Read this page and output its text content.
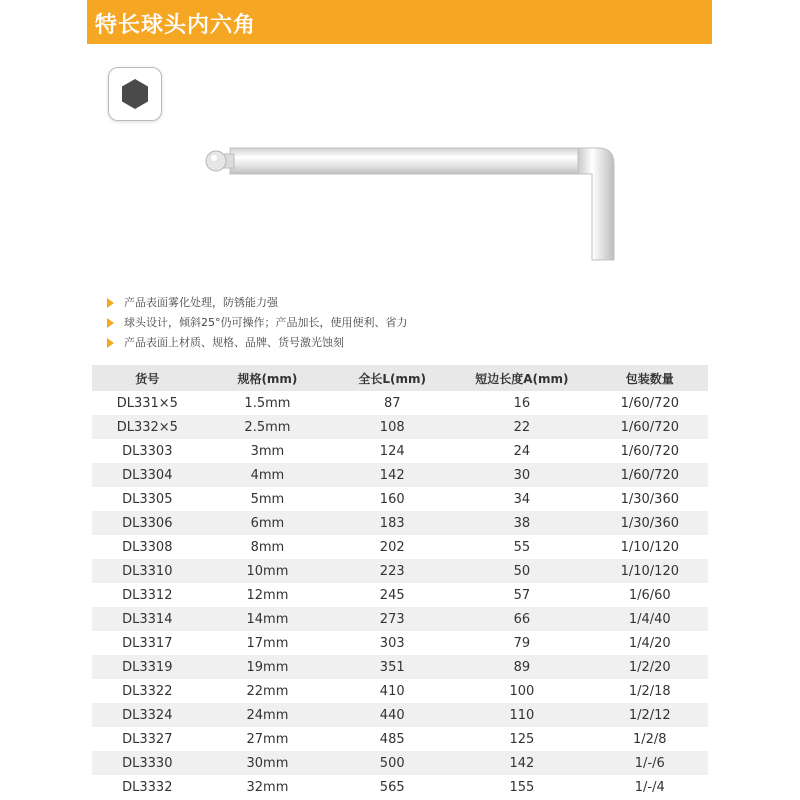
特长球头内六角
产品表面雾化处理，防锈能力强
球头设计，倾斜25°仍可操作；产品加长，使用便利、省力
产品表面上材质、规格、品牌、货号激光蚀刻
货号	规格(mm)	全长L(mm)	短边长度A(mm)	包装数量
DL331×5	1.5mm	87	16	1/60/720
DL332×5	2.5mm	108	22	1/60/720
DL3303	3mm	124	24	1/60/720
DL3304	4mm	142	30	1/60/720
DL3305	5mm	160	34	1/30/360
DL3306	6mm	183	38	1/30/360
DL3308	8mm	202	55	1/10/120
DL3310	10mm	223	50	1/10/120
DL3312	12mm	245	57	1/6/60
DL3314	14mm	273	66	1/4/40
DL3317	17mm	303	79	1/4/20
DL3319	19mm	351	89	1/2/20
DL3322	22mm	410	100	1/2/18
DL3324	24mm	440	110	1/2/12
DL3327	27mm	485	125	1/2/8
DL3330	30mm	500	142	1/-/6
DL3332	32mm	565	155	1/-/4
